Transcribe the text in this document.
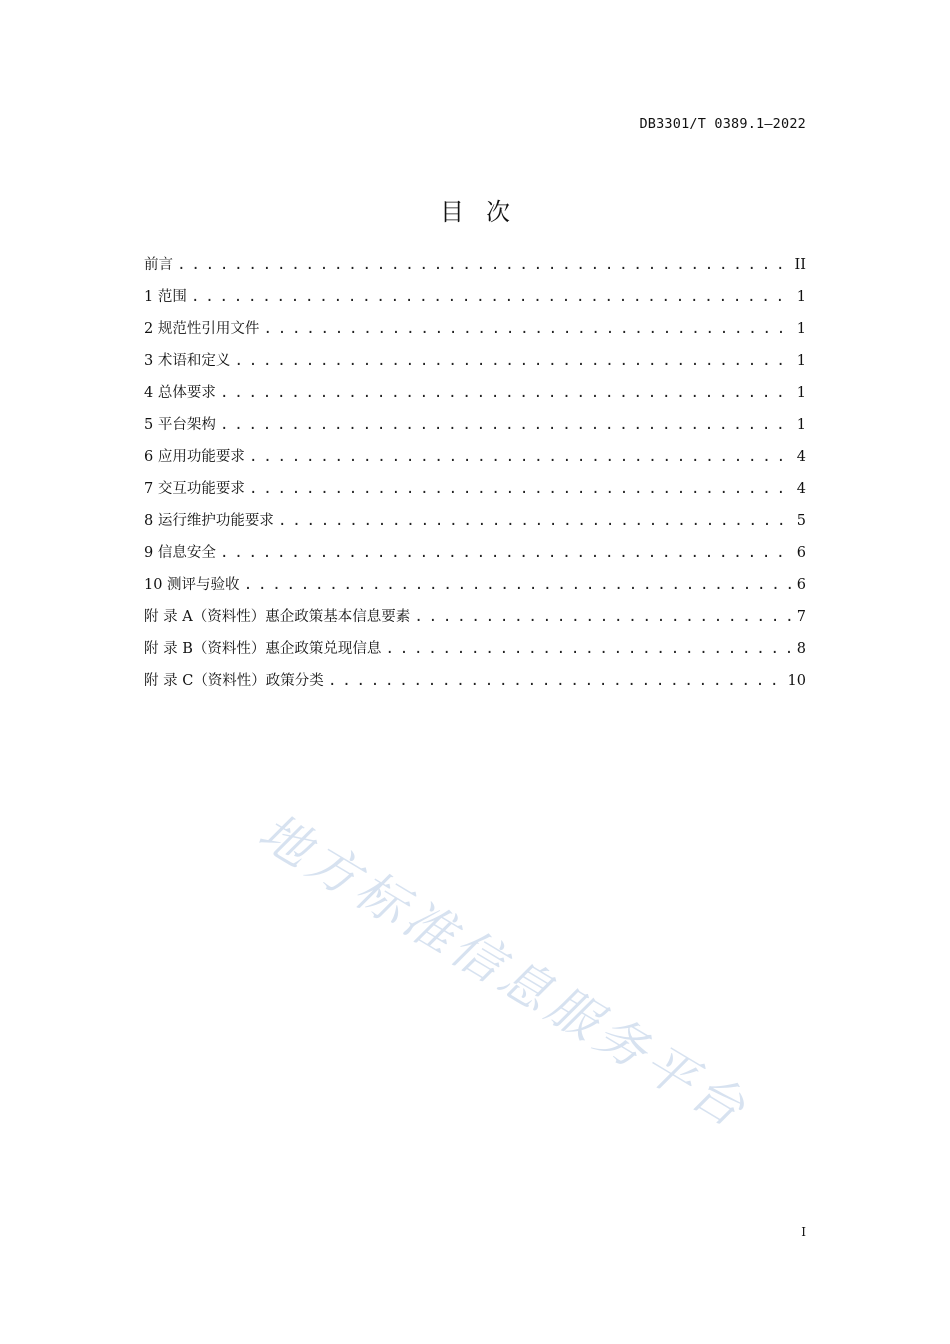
DB3301/T 0389.1—2022
目次
前言 . . .	II
1 范围 . . .	1
2 规范性引用文件 . . .	1
3 术语和定义 . . .	1
4 总体要求 . . .	1
5 平台架构 . . .	1
6 应用功能要求 . . .	4
7 交互功能要求 . . .	4
8 运行维护功能要求 . . .	5
9 信息安全 . . .	6
10 测评与验收 . . .	6
附 录 A（资料性）惠企政策基本信息要素 . . .	7
附 录 B（资料性）惠企政策兑现信息 . . .	8
附 录 C（资料性）政策分类 . . .	10
地方标准信息服务平台
I
